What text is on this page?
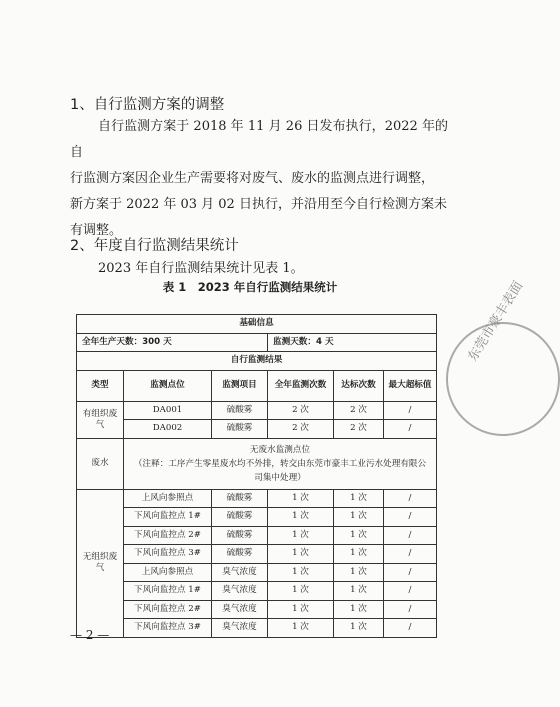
1、自行监测方案的调整
自行监测方案于 2018 年 11 月 26 日发布执行，2022 年的自
行监测方案因企业生产需要将对废气、废水的监测点进行调整，
新方案于 2022 年 03 月 02 日执行，并沿用至今自行检测方案未
有调整。
2、年度自行监测结果统计
2023 年自行监测结果统计见表 1。
表 1　2023 年自行监测结果统计
基础信息					
全年生产天数：300 天			监测天数：4 天		
自行监测结果					
类型	监测点位	监测项目	全年监测次数	达标次数	最大超标值
有组织废气	DA001	硫酸雾	2 次	2 次	/
	DA002	硫酸雾	2 次	2 次	/
废水	无废水监测点位
（注释：工序产生零星废水均不外排，转交由东莞市豪丰工业污水处理有限公司集中处理）				

无组织废气	上风向参照点	硫酸雾	1 次	1 次	/
	下风向监控点 1#	硫酸雾	1 次	1 次	/
	下风向监控点 2#	硫酸雾	1 次	1 次	/
	下风向监控点 3#	硫酸雾	1 次	1 次	/
	上风向参照点	臭气浓度	1 次	1 次	/
	下风向监控点 1#	臭气浓度	1 次	1 次	/
	下风向监控点 2#	臭气浓度	1 次	1 次	/
	下风向监控点 3#	臭气浓度	1 次	1 次	/
东莞市豪丰表面
— 2 —
